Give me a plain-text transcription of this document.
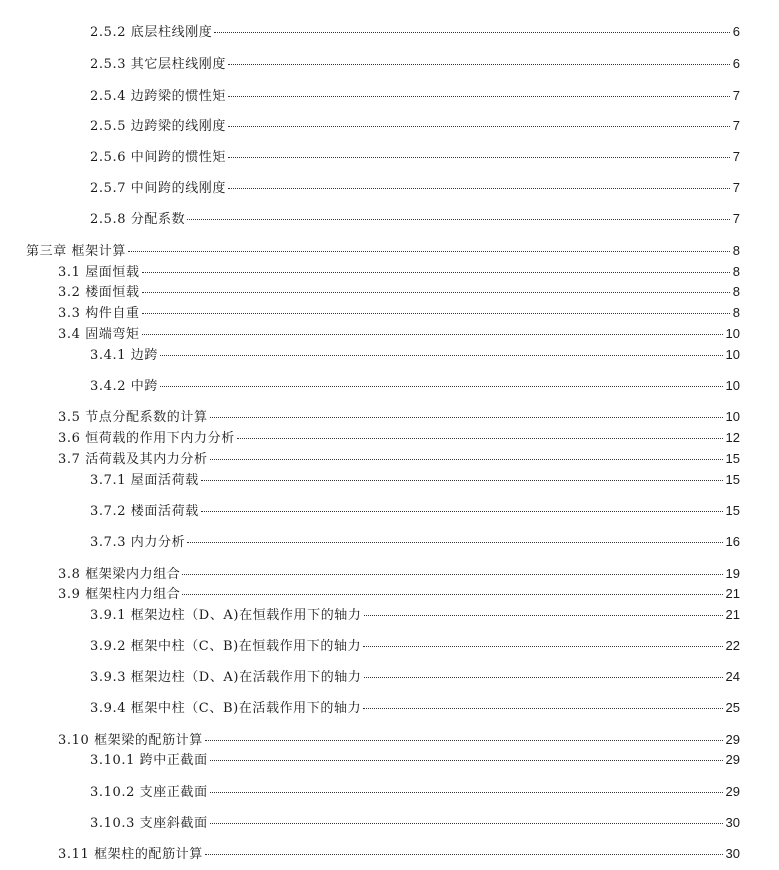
2.5.2 底层柱线刚度	6
2.5.3 其它层柱线刚度	6
2.5.4 边跨梁的惯性矩	7
2.5.5 边跨梁的线刚度	7
2.5.6 中间跨的惯性矩	7
2.5.7 中间跨的线刚度	7
2.5.8 分配系数	7
第三章 框架计算	8
3.1 屋面恒载	8
3.2 楼面恒载	8
3.3 构件自重	8
3.4 固端弯矩	10
3.4.1 边跨	10
3.4.2 中跨	10
3.5 节点分配系数的计算	10
3.6 恒荷载的作用下内力分析	12
3.7 活荷载及其内力分析	15
3.7.1 屋面活荷载	15
3.7.2 楼面活荷载	15
3.7.3 内力分析	16
3.8 框架梁内力组合	19
3.9 框架柱内力组合	21
3.9.1 框架边柱（D、A)在恒载作用下的轴力	21
3.9.2 框架中柱（C、B)在恒载作用下的轴力	22
3.9.3 框架边柱（D、A)在活载作用下的轴力	24
3.9.4 框架中柱（C、B)在活载作用下的轴力	25
3.10 框架梁的配筋计算	29
3.10.1 跨中正截面	29
3.10.2 支座正截面	29
3.10.3 支座斜截面	30
3.11 框架柱的配筋计算	30
